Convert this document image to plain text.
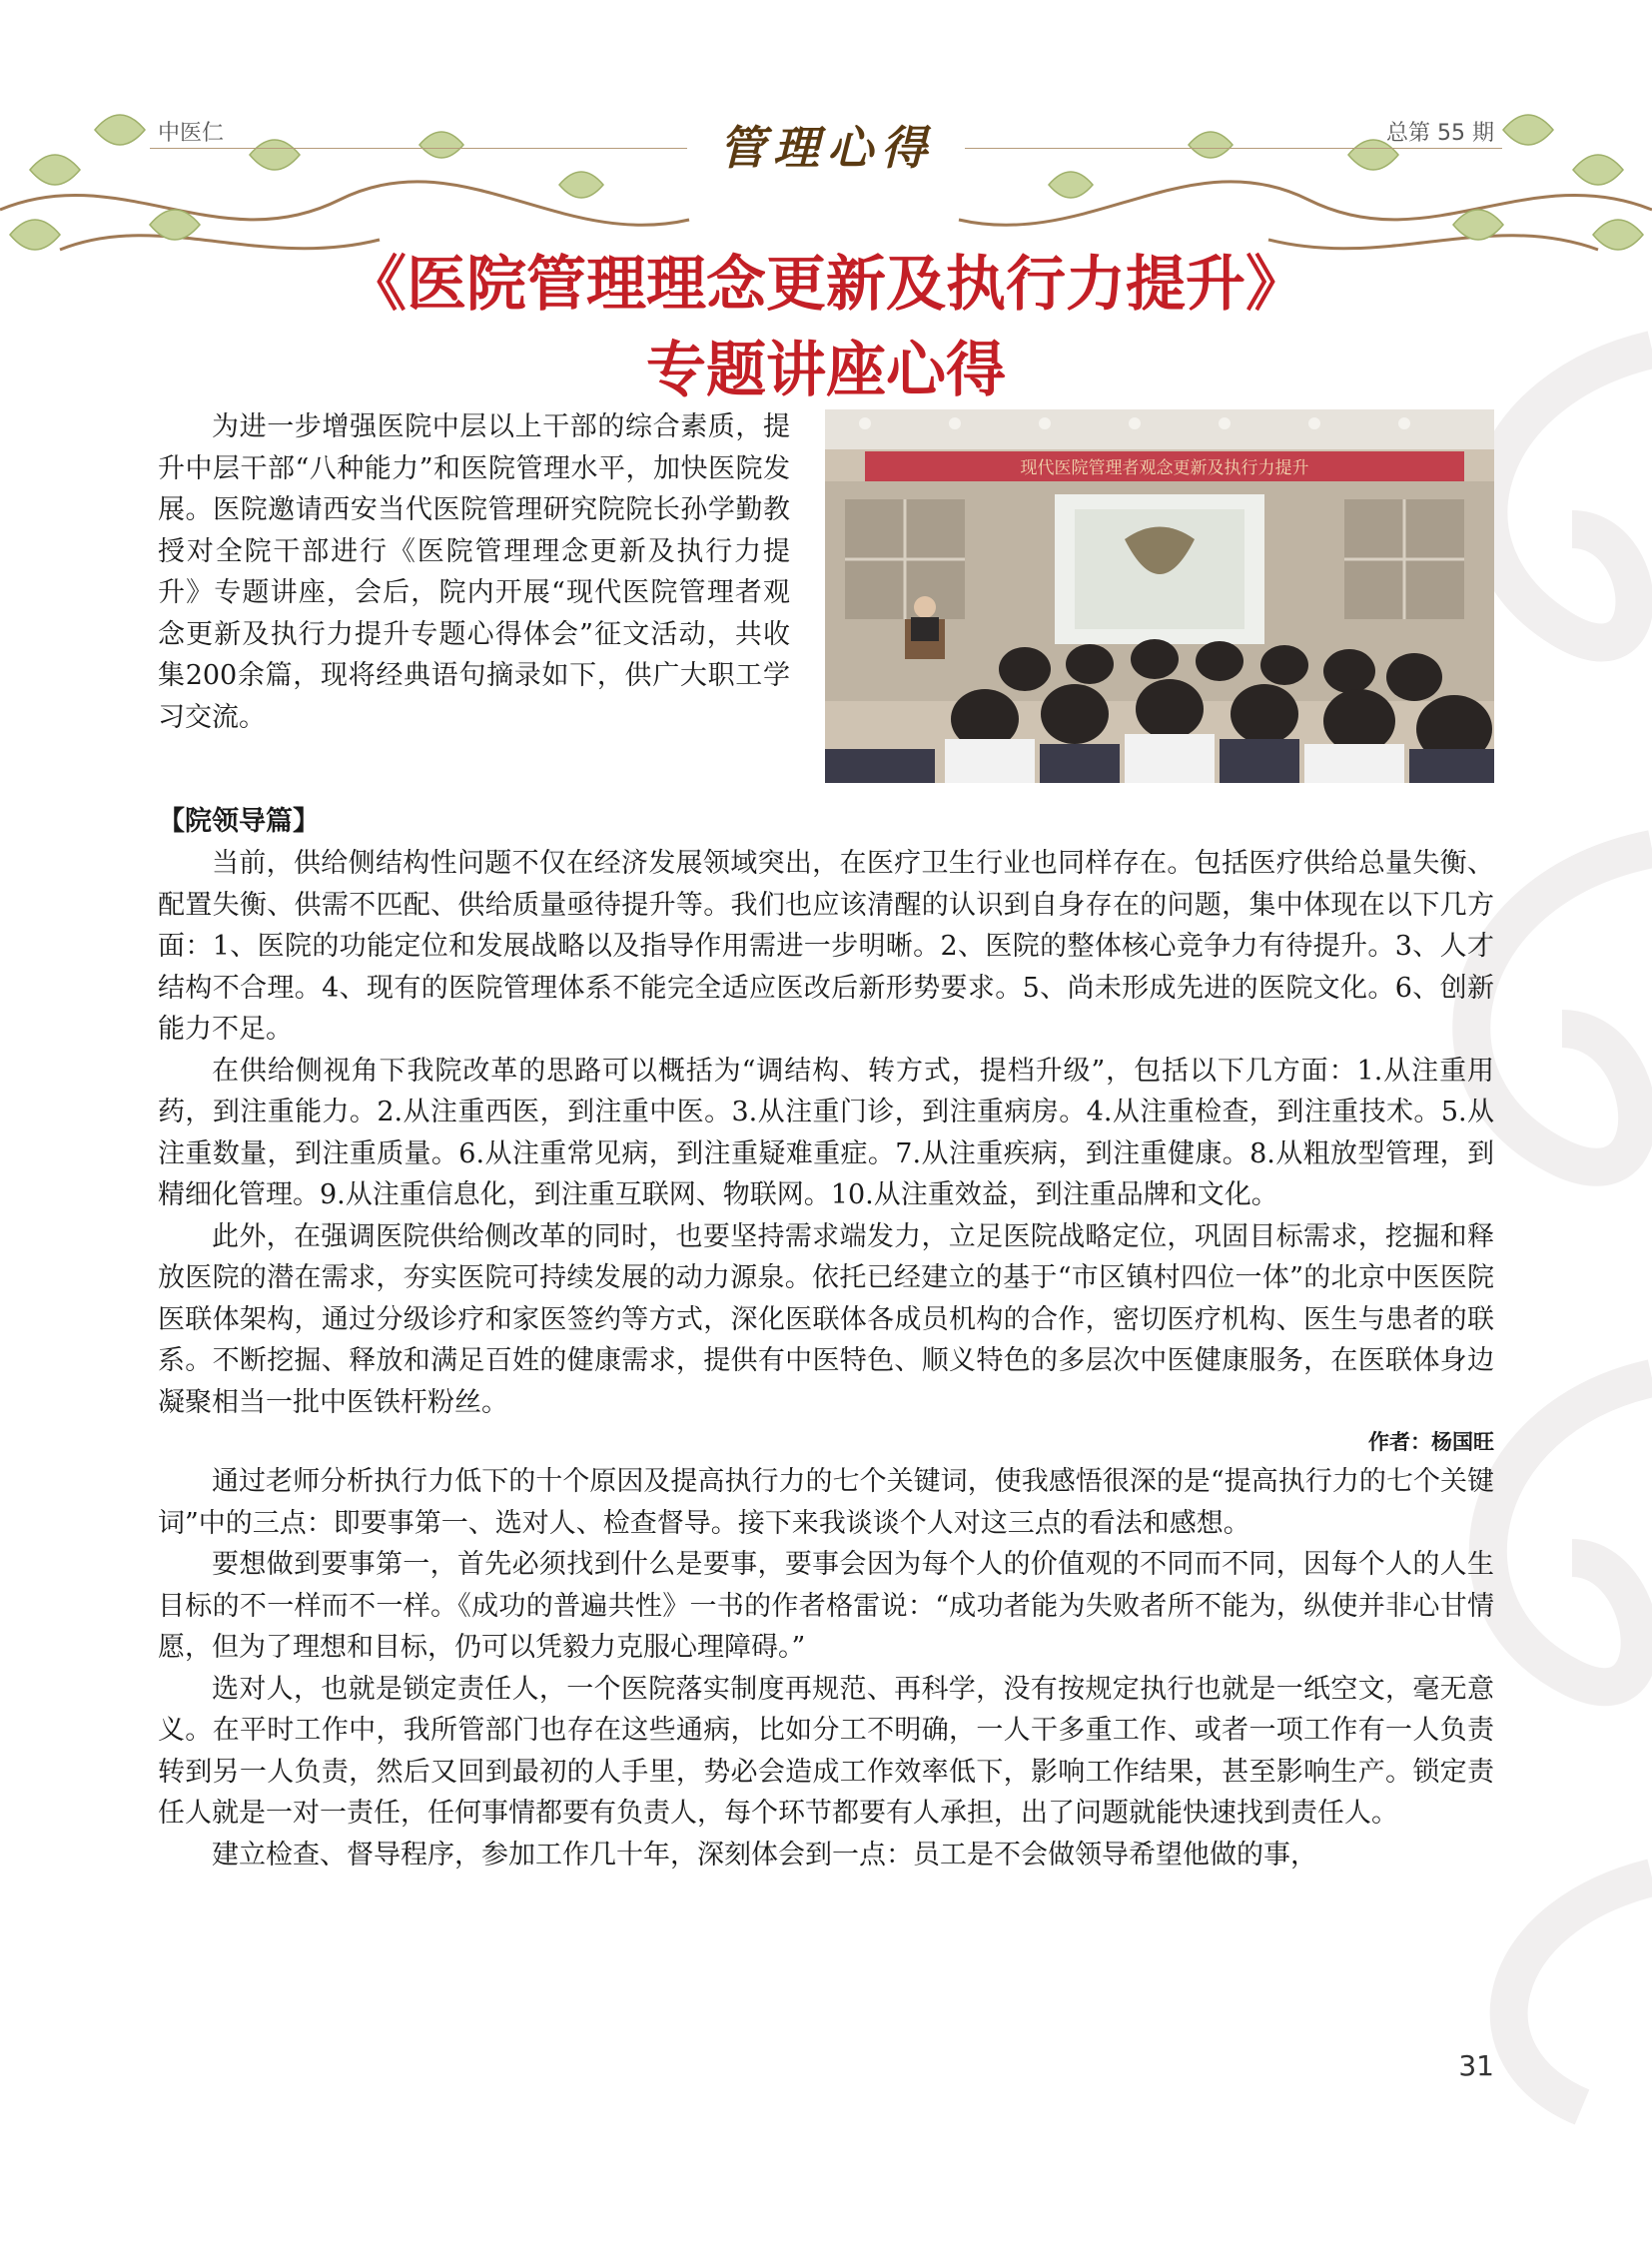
中医仁	管理心得	总第 55 期
《医院管理理念更新及执行力提升》
专题讲座心得

为进一步增强医院中层以上干部的综合素质，提升中层干部“八种能力”和医院管理水平，加快医院发展。医院邀请西安当代医院管理研究院院长孙学勤教授对全院干部进行《医院管理理念更新及执行力提升》专题讲座，会后，院内开展“现代医院管理者观念更新及执行力提升专题心得体会”征文活动，共收集200余篇，现将经典语句摘录如下，供广大职工学习交流。

现代医院管理者观念更新及执行力提升

【院领导篇】

当前，供给侧结构性问题不仅在经济发展领域突出，在医疗卫生行业也同样存在。包括医疗供给总量失衡、配置失衡、供需不匹配、供给质量亟待提升等。我们也应该清醒的认识到自身存在的问题，集中体现在以下几方面：1、医院的功能定位和发展战略以及指导作用需进一步明晰。2、医院的整体核心竞争力有待提升。3、人才结构不合理。4、现有的医院管理体系不能完全适应医改后新形势要求。5、尚未形成先进的医院文化。6、创新能力不足。

在供给侧视角下我院改革的思路可以概括为“调结构、转方式，提档升级”，包括以下几方面：1.从注重用药，到注重能力。2.从注重西医，到注重中医。3.从注重门诊，到注重病房。4.从注重检查，到注重技术。5.从注重数量，到注重质量。6.从注重常见病，到注重疑难重症。7.从注重疾病，到注重健康。8.从粗放型管理，到精细化管理。9.从注重信息化，到注重互联网、物联网。10.从注重效益，到注重品牌和文化。

此外，在强调医院供给侧改革的同时，也要坚持需求端发力，立足医院战略定位，巩固目标需求，挖掘和释放医院的潜在需求，夯实医院可持续发展的动力源泉。依托已经建立的基于“市区镇村四位一体”的北京中医医院医联体架构，通过分级诊疗和家医签约等方式，深化医联体各成员机构的合作，密切医疗机构、医生与患者的联系。不断挖掘、释放和满足百姓的健康需求，提供有中医特色、顺义特色的多层次中医健康服务，在医联体身边凝聚相当一批中医铁杆粉丝。

作者：杨国旺

通过老师分析执行力低下的十个原因及提高执行力的七个关键词，使我感悟很深的是“提高执行力的七个关键词”中的三点：即要事第一、选对人、检查督导。接下来我谈谈个人对这三点的看法和感想。

要想做到要事第一，首先必须找到什么是要事，要事会因为每个人的价值观的不同而不同，因每个人的人生目标的不一样而不一样。《成功的普遍共性》一书的作者格雷说：“成功者能为失败者所不能为，纵使并非心甘情愿，但为了理想和目标，仍可以凭毅力克服心理障碍。”

选对人，也就是锁定责任人，一个医院落实制度再规范、再科学，没有按规定执行也就是一纸空文，毫无意义。在平时工作中，我所管部门也存在这些通病，比如分工不明确，一人干多重工作、或者一项工作有一人负责转到另一人负责，然后又回到最初的人手里，势必会造成工作效率低下，影响工作结果，甚至影响生产。锁定责任人就是一对一责任，任何事情都要有负责人，每个环节都要有人承担，出了问题就能快速找到责任人。

建立检查、督导程序，参加工作几十年，深刻体会到一点：员工是不会做领导希望他做的事，

31
